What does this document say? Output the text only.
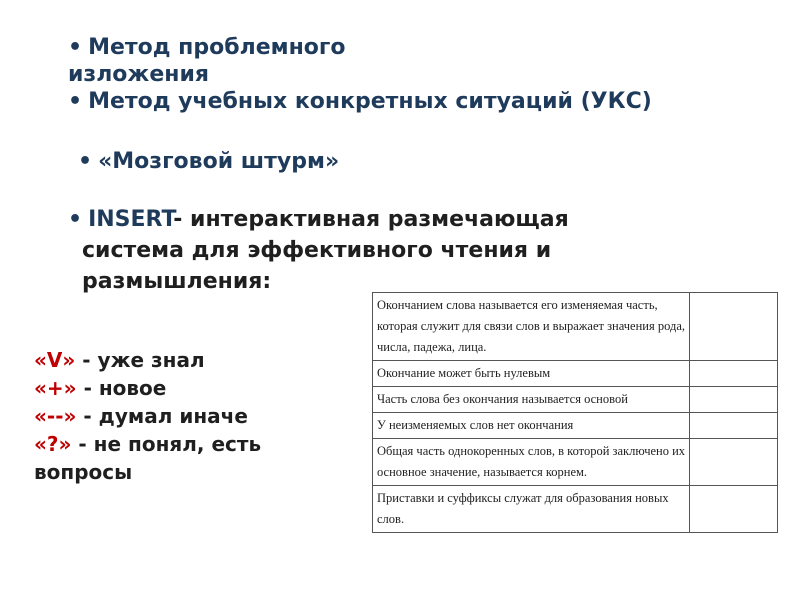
• Метод проблемного изложения
• Метод учебных конкретных ситуаций (УКС)
• «Мозговой штурм»
• INSERT- интерактивная размечающая
система для эффективного чтения и
размышления:
«V» - уже знал
«+» - новое
«--» - думал иначе
«?» - не понял, есть вопросы
Окончанием слова называется его изменяемая часть, которая служит для связи слов и выражает значения рода, числа, падежа, лица.	
Окончание может быть нулевым	
Часть слова без окончания называется основой	
У неизменяемых слов нет окончания	
Общая часть однокоренных слов, в которой заключено их основное значение, называется корнем.	
Приставки и суффиксы служат для образования новых слов.	
